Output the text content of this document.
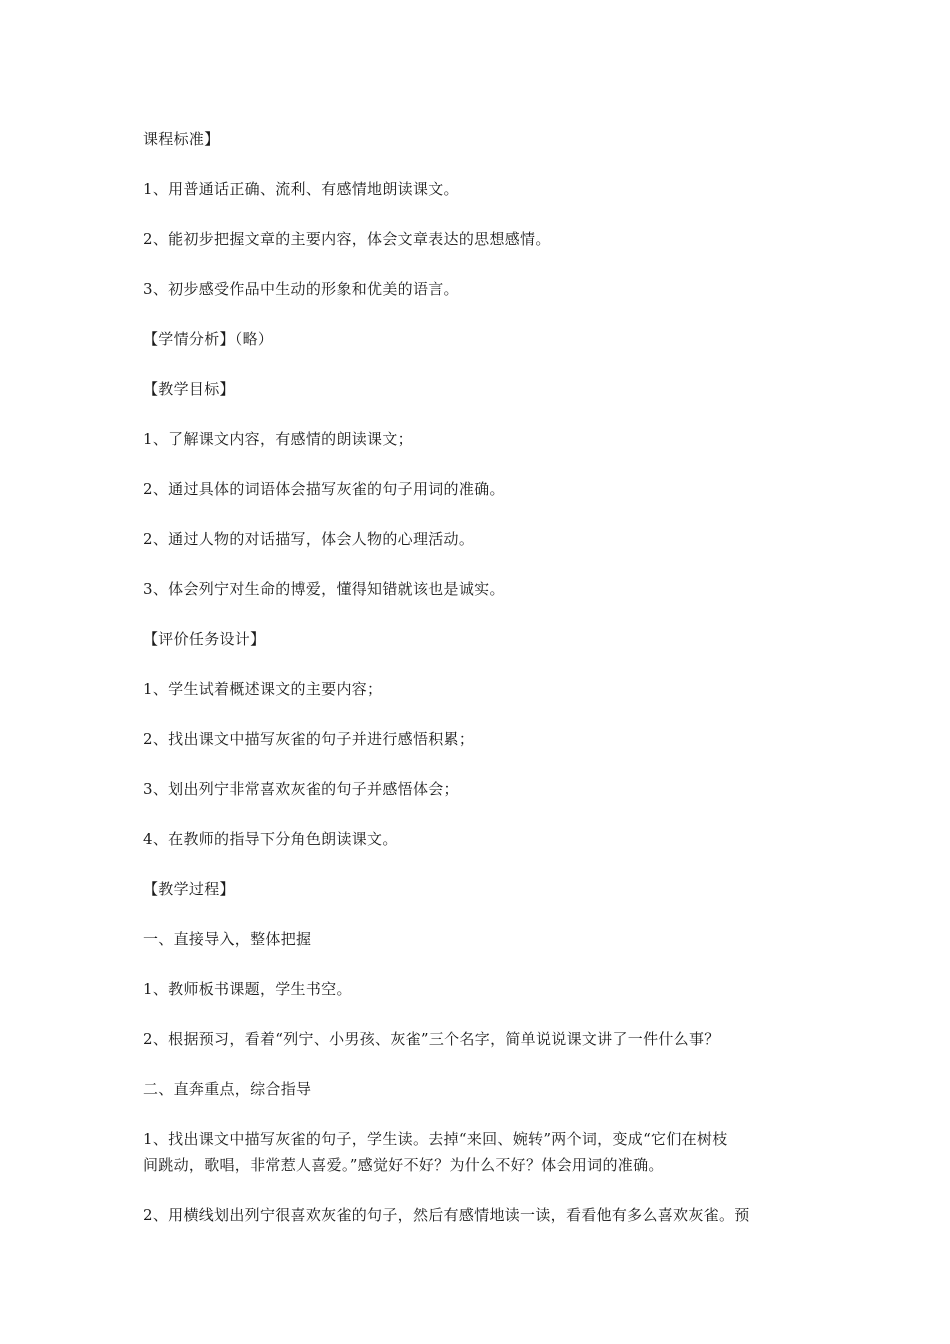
课程标准】

1、用普通话正确、流利、有感情地朗读课文。

2、能初步把握文章的主要内容，体会文章表达的思想感情。

3、初步感受作品中生动的形象和优美的语言。

【学情分析】（略）

【教学目标】

1、了解课文内容，有感情的朗读课文；

2、通过具体的词语体会描写灰雀的句子用词的准确。

2、通过人物的对话描写，体会人物的心理活动。

3、体会列宁对生命的博爱，懂得知错就该也是诚实。

【评价任务设计】

1、学生试着概述课文的主要内容；

2、找出课文中描写灰雀的句子并进行感悟积累；

3、划出列宁非常喜欢灰雀的句子并感悟体会；

4、在教师的指导下分角色朗读课文。

【教学过程】

一、直接导入，整体把握

1、教师板书课题，学生书空。

2、根据预习，看着“列宁、小男孩、灰雀”三个名字，简单说说课文讲了一件什么事？

二、直奔重点，综合指导

1、找出课文中描写灰雀的句子，学生读。去掉“来回、婉转”两个词，变成“它们在树枝

间跳动，歌唱，非常惹人喜爱。”感觉好不好？为什么不好？体会用词的准确。

2、用横线划出列宁很喜欢灰雀的句子，然后有感情地读一读，看看他有多么喜欢灰雀。预
